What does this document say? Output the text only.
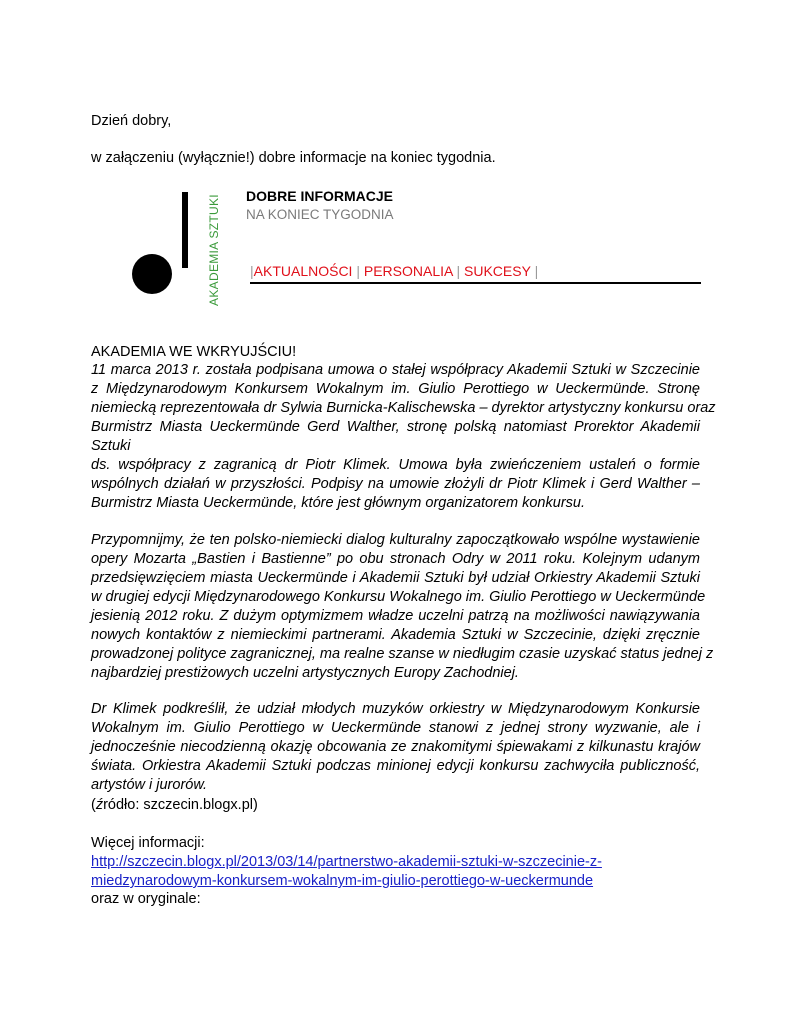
Dzień dobry,
w załączeniu (wyłącznie!) dobre informacje na koniec tygodnia.
AKADEMIA SZTUKI DOBRE INFORMACJE
NA KONIEC TYGODNIA
|AKTUALNOŚCI | PERSONALIA | SUKCESY |
AKADEMIA WE WKRYUJŚCIU!
11 marca 2013 r. została podpisana umowa o stałej współpracy Akademii Sztuki w Szczecinie
z Międzynarodowym Konkursem Wokalnym im. Giulio Perottiego w Ueckermünde. Stronę
niemiecką reprezentowała dr Sylwia Burnicka-Kalischewska – dyrektor artystyczny konkursu oraz
Burmistrz Miasta Ueckermünde Gerd Walther, stronę polską natomiast Prorektor Akademii
Sztuki
ds. współpracy z zagranicą dr Piotr Klimek. Umowa była zwieńczeniem ustaleń o formie
wspólnych działań w przyszłości. Podpisy na umowie złożyli dr Piotr Klimek i Gerd Walther –
Burmistrz Miasta Ueckermünde, które jest głównym organizatorem konkursu.
Przypomnijmy, że ten polsko-niemiecki dialog kulturalny zapoczątkowało wspólne wystawienie
opery Mozarta „Bastien i Bastienne” po obu stronach Odry w 2011 roku. Kolejnym udanym
przedsięwzięciem miasta Ueckermünde i Akademii Sztuki był udział Orkiestry Akademii Sztuki
w drugiej edycji Międzynarodowego Konkursu Wokalnego im. Giulio Perottiego w Ueckermünde
jesienią 2012 roku. Z dużym optymizmem władze uczelni patrzą na możliwości nawiązywania
nowych kontaktów z niemieckimi partnerami. Akademia Sztuki w Szczecinie, dzięki zręcznie
prowadzonej polityce zagranicznej, ma realne szanse w niedługim czasie uzyskać status jednej z
najbardziej prestiżowych uczelni artystycznych Europy Zachodniej.
Dr Klimek podkreślił, że udział młodych muzyków orkiestry w Międzynarodowym Konkursie
Wokalnym im. Giulio Perottiego w Ueckermünde stanowi z jednej strony wyzwanie, ale i
jednocześnie niecodzienną okazję obcowania ze znakomitymi śpiewakami z kilkunastu krajów
świata. Orkiestra Akademii Sztuki podczas minionej edycji konkursu zachwyciła publiczność,
artystów i jurorów.
(źródło: szczecin.blogx.pl)
Więcej informacji:
http://szczecin.blogx.pl/2013/03/14/partnerstwo-akademii-sztuki-w-szczecinie-z-
miedzynarodowym-konkursem-wokalnym-im-giulio-perottiego-w-ueckermunde
oraz w oryginale:
